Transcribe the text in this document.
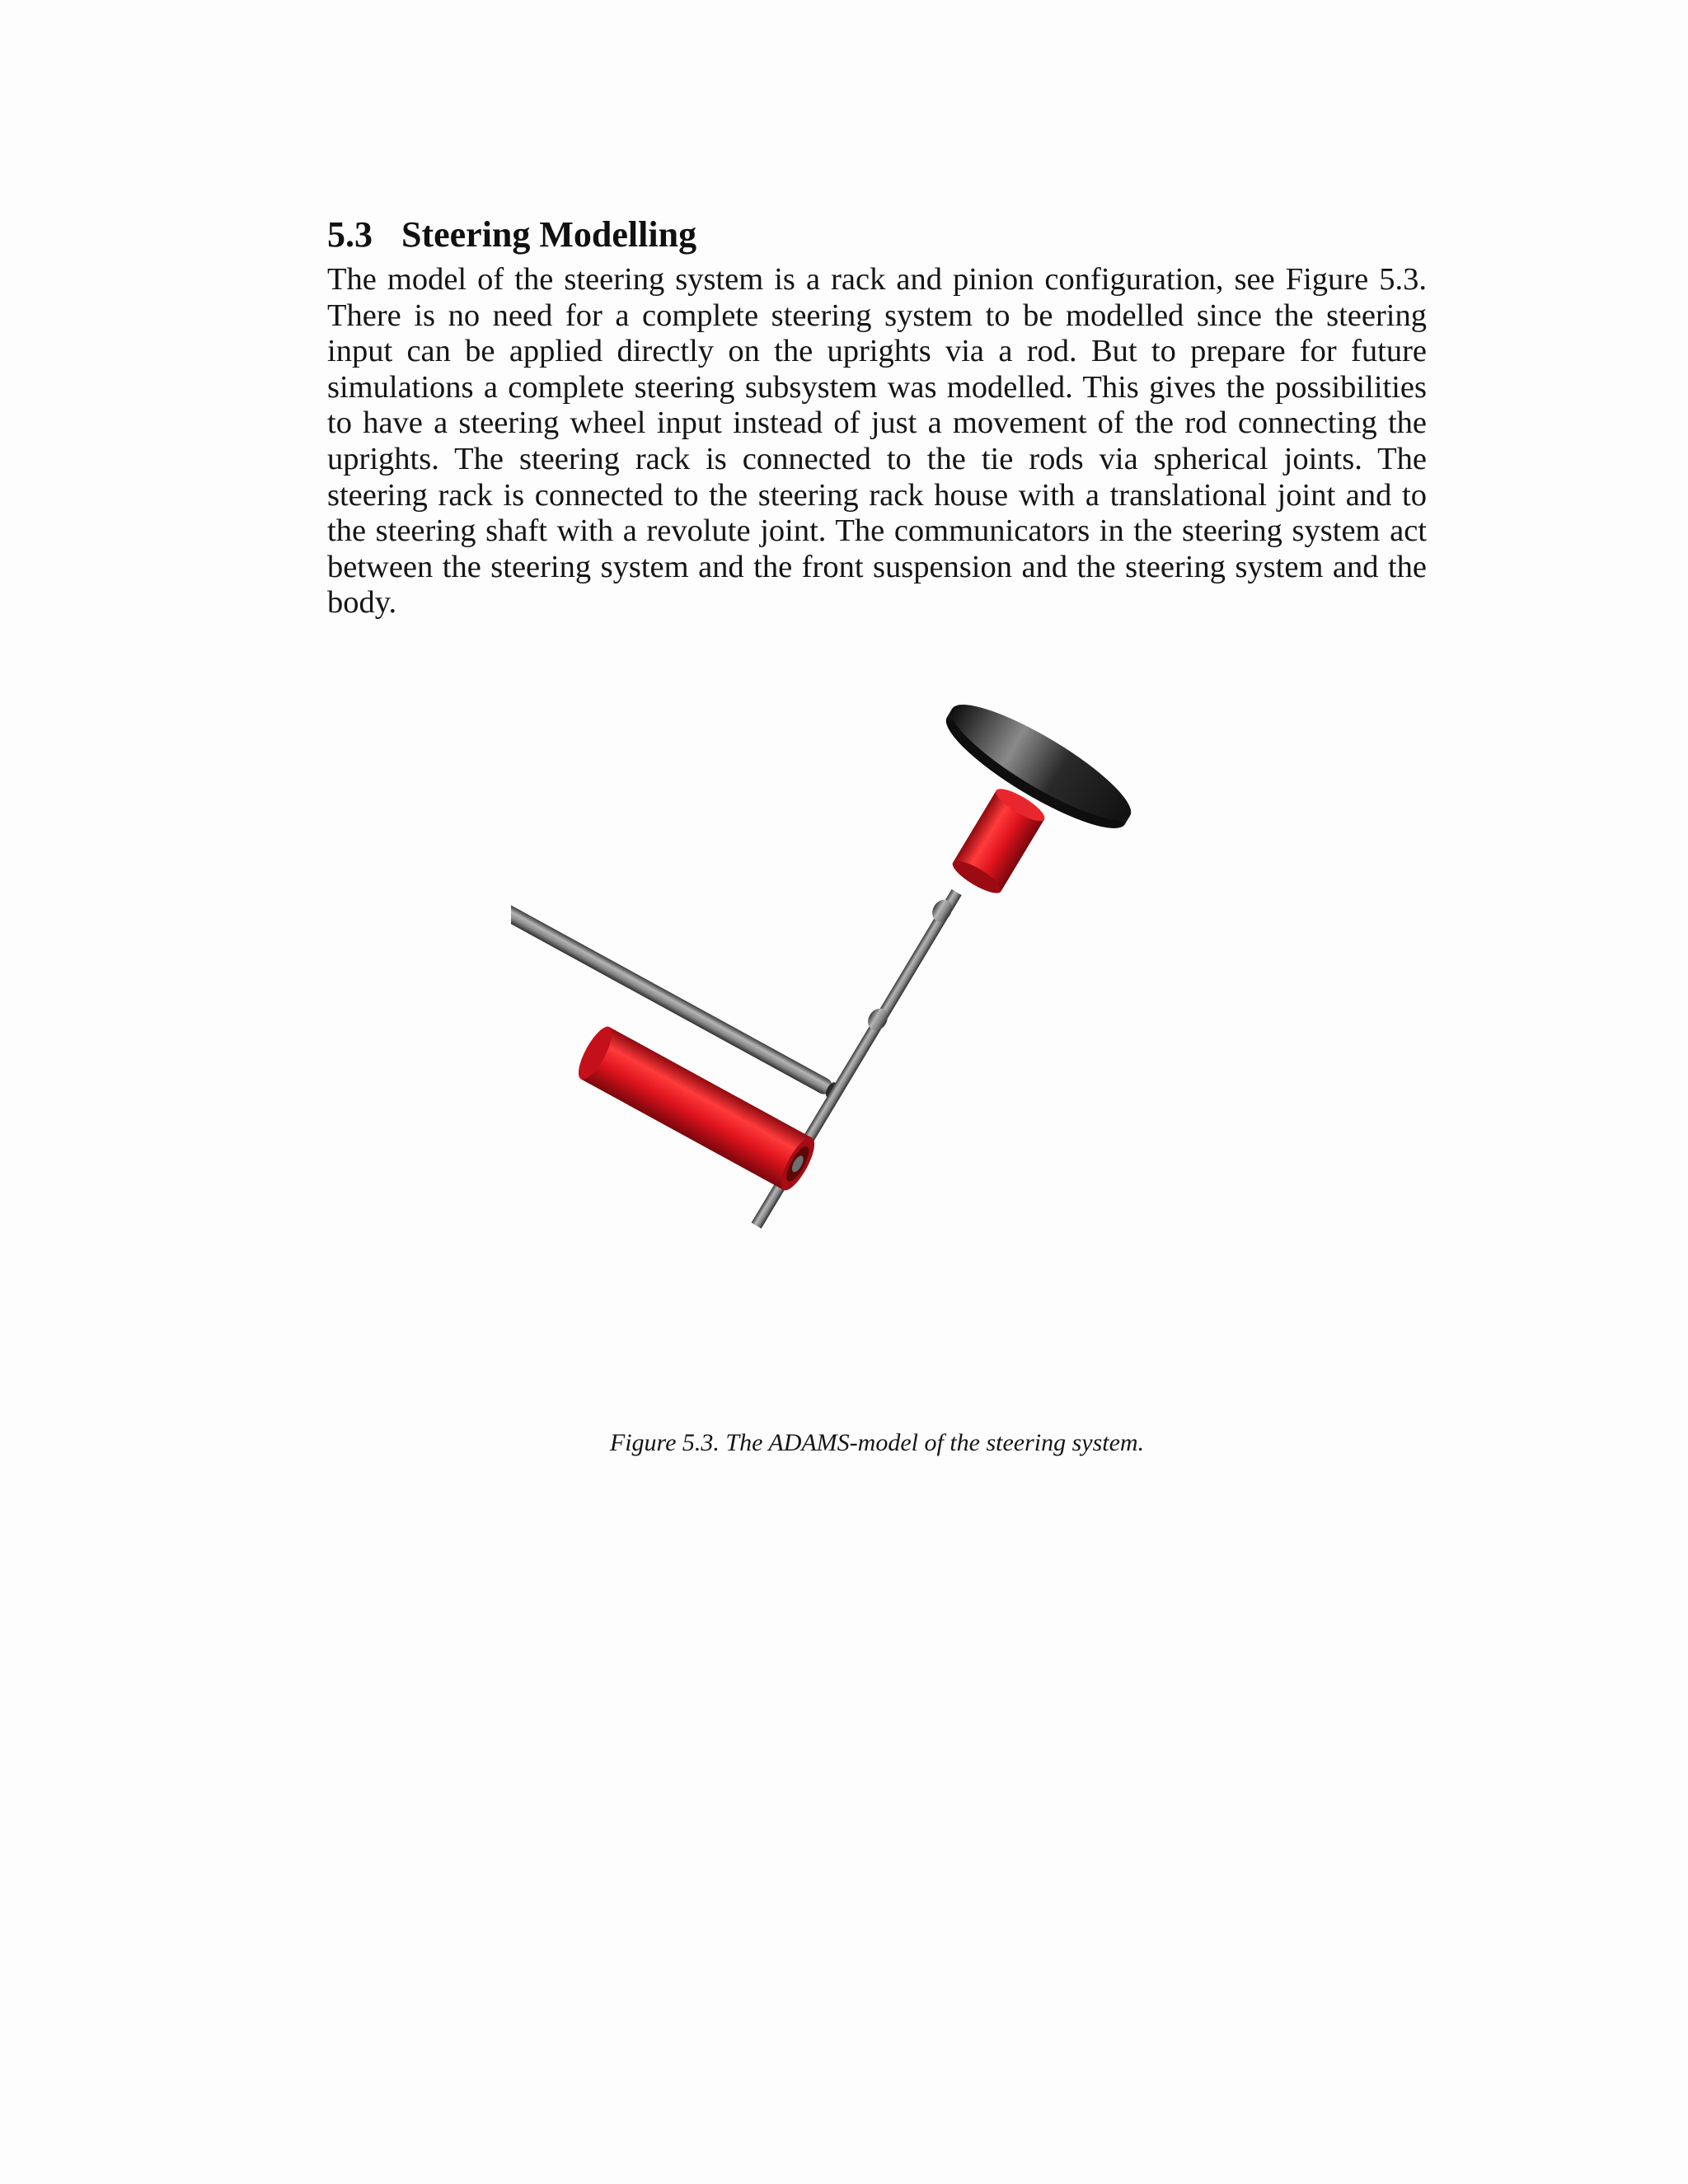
5.3 Steering Modelling

The model of the steering system is a rack and pinion configuration, see Figure 5.3. There is no need for a complete steering system to be modelled since the steering input can be applied directly on the uprights via a rod. But to prepare for future simulations a complete steering subsystem was modelled. This gives the possibilities to have a steering wheel input instead of just a movement of the rod connecting the uprights. The steering rack is connected to the tie rods via spherical joints. The steering rack is connected to the steering rack house with a translational joint and to the steering shaft with a revolute joint. The communicators in the steering system act between the steering system and the front suspension and the steering system and the body.

Figure 5.3. The ADAMS-model of the steering system.
